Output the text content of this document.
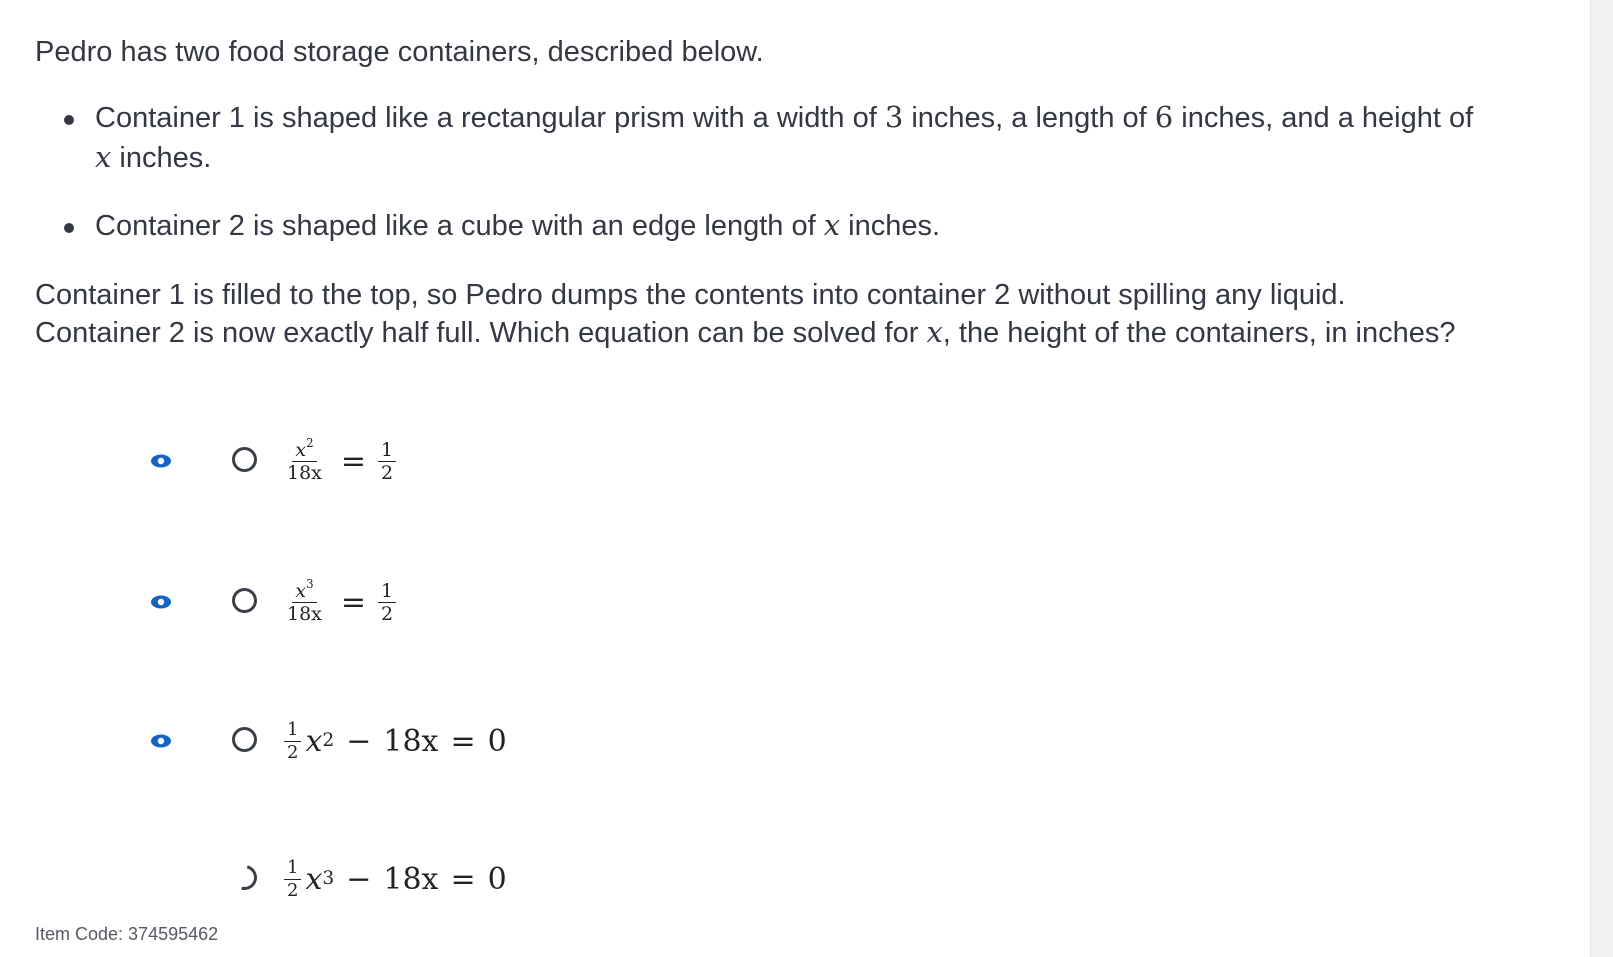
Pedro has two food storage containers, described below.

Container 1 is shaped like a rectangular prism with a width of 3 inches, a length of 6 inches, and a height of
x inches.
Container 2 is shaped like a cube with an edge length of x inches.

Container 1 is filled to the top, so Pedro dumps the contents into container 2 without spilling any liquid.
Container 2 is now exactly half full. Which equation can be solved for x, the height of the containers, in inches?

$\frac{x^2}{18x} = \frac{1}{2}$
$\frac{x^3}{18x} = \frac{1}{2}$
$\frac{1}{2}$ x 2 − 18x = 0
$\frac{1}{2}$ x 3 − 18x = 0

Item Code: 374595462
